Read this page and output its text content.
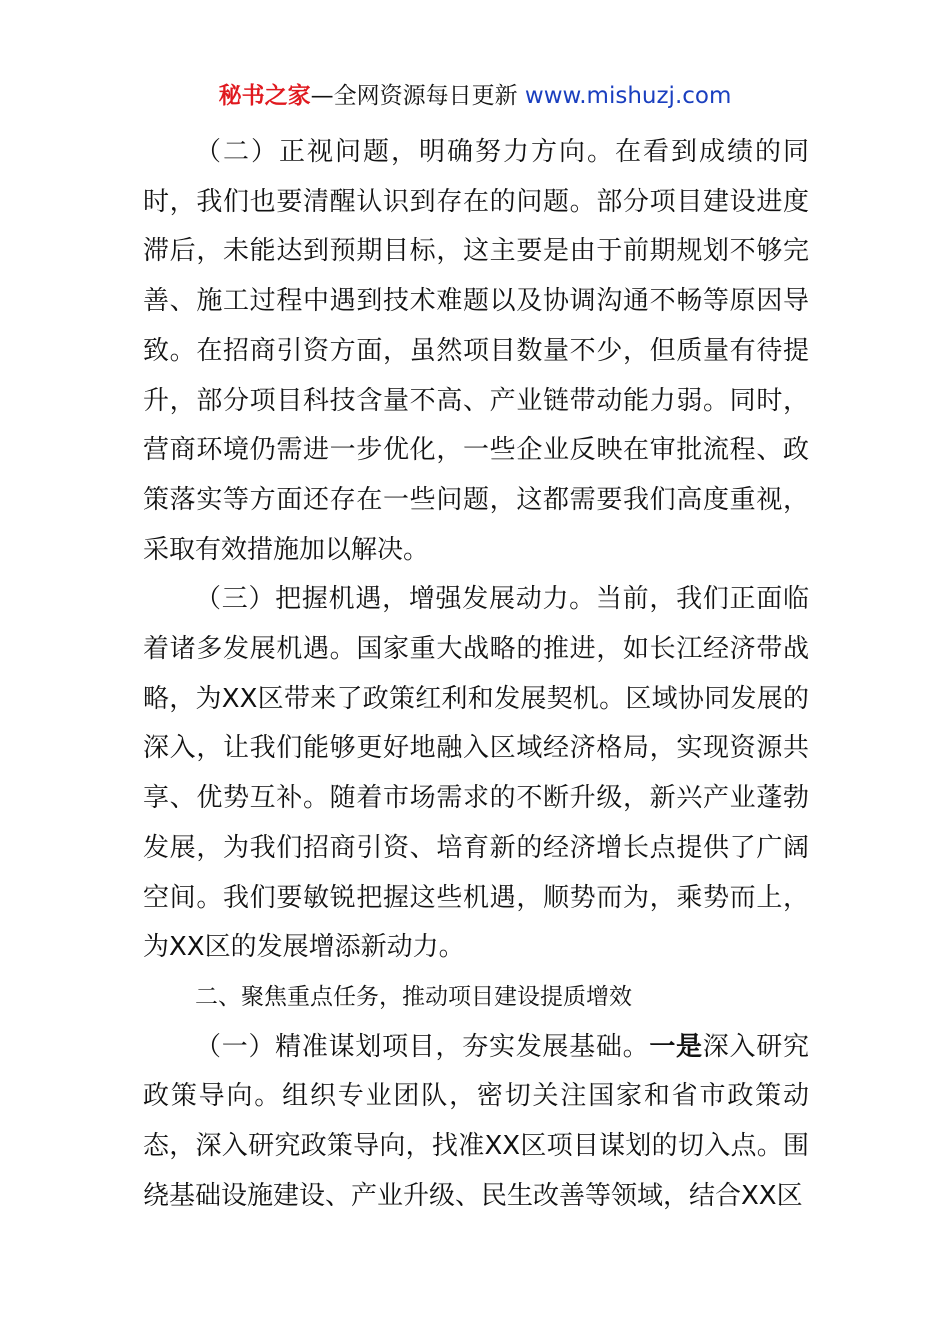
秘书之家—全网资源每日更新 www.mishuzj.com

（二）正视问题，明确努力方向。在看到成绩的同时，我们也要清醒认识到存在的问题。部分项目建设进度滞后，未能达到预期目标，这主要是由于前期规划不够完善、施工过程中遇到技术难题以及协调沟通不畅等原因导致。在招商引资方面，虽然项目数量不少，但质量有待提升，部分项目科技含量不高、产业链带动能力弱。同时，营商环境仍需进一步优化，一些企业反映在审批流程、政策落实等方面还存在一些问题，这都需要我们高度重视，采取有效措施加以解决。

（三）把握机遇，增强发展动力。当前，我们正面临着诸多发展机遇。国家重大战略的推进，如长江经济带战略，为XX区带来了政策红利和发展契机。区域协同发展的深入，让我们能够更好地融入区域经济格局，实现资源共享、优势互补。随着市场需求的不断升级，新兴产业蓬勃发展，为我们招商引资、培育新的经济增长点提供了广阔空间。我们要敏锐把握这些机遇，顺势而为，乘势而上，为XX区的发展增添新动力。

二、聚焦重点任务，推动项目建设提质增效

（一）精准谋划项目，夯实发展基础。一是深入研究政策导向。组织专业团队，密切关注国家和省市政策动态，深入研究政策导向，找准XX区项目谋划的切入点。围绕基础设施建设、产业升级、民生改善等领域，结合XX区
